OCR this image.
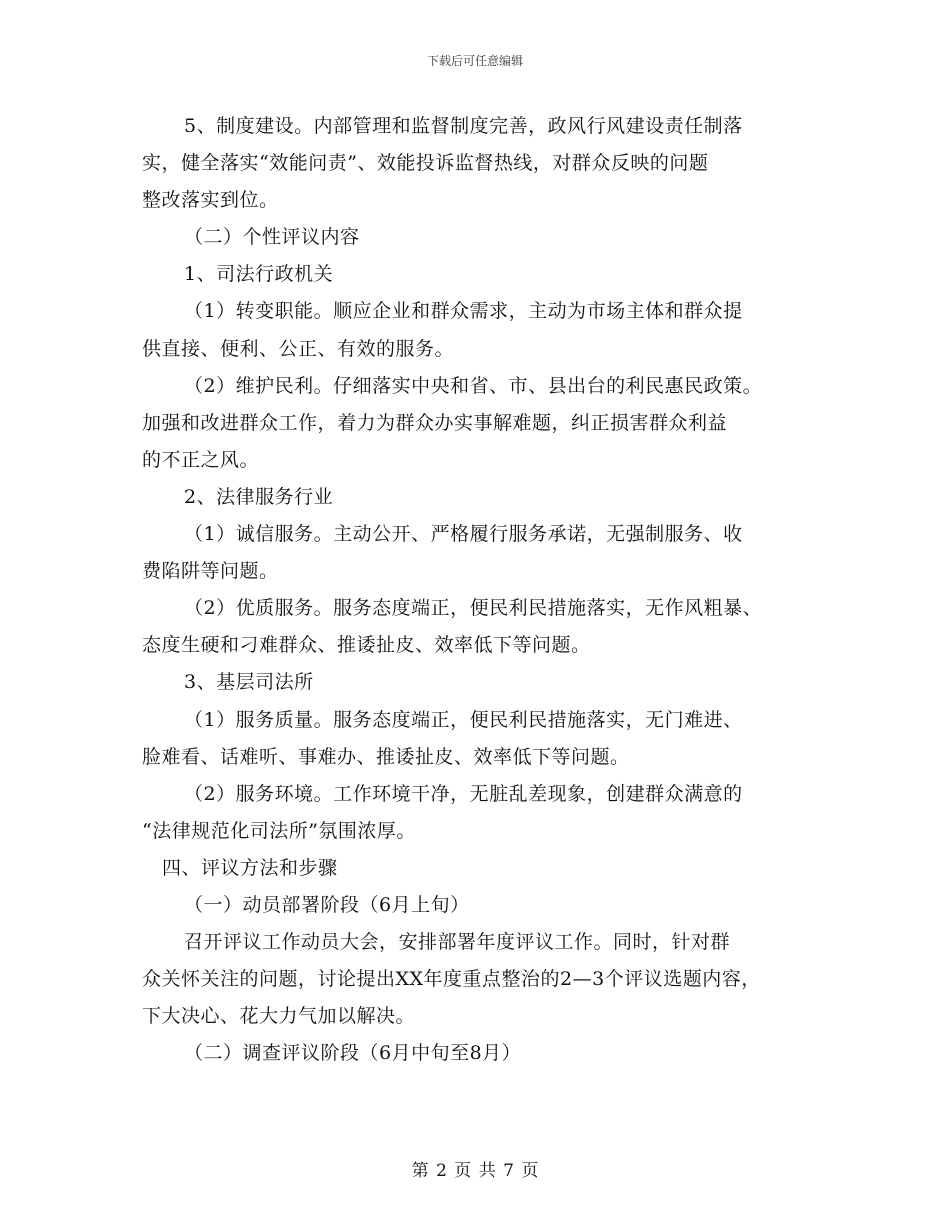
下载后可任意编辑
5、制度建设。内部管理和监督制度完善，政风行风建设责任制落
实，健全落实“效能问责”、效能投诉监督热线，对群众反映的问题
整改落实到位。
（二）个性评议内容
1、司法行政机关
（1）转变职能。顺应企业和群众需求，主动为市场主体和群众提
供直接、便利、公正、有效的服务。
（2）维护民利。仔细落实中央和省、市、县出台的利民惠民政策。
加强和改进群众工作，着力为群众办实事解难题，纠正损害群众利益
的不正之风。
2、法律服务行业
（1）诚信服务。主动公开、严格履行服务承诺，无强制服务、收
费陷阱等问题。
（2）优质服务。服务态度端正，便民利民措施落实，无作风粗暴、
态度生硬和刁难群众、推诿扯皮、效率低下等问题。
3、基层司法所
（1）服务质量。服务态度端正，便民利民措施落实，无门难进、
脸难看、话难听、事难办、推诿扯皮、效率低下等问题。
（2）服务环境。工作环境干净，无脏乱差现象，创建群众满意的
“法律规范化司法所”氛围浓厚。
四、评议方法和步骤
（一）动员部署阶段（6月上旬）
召开评议工作动员大会，安排部署年度评议工作。同时，针对群
众关怀关注的问题，讨论提出XX年度重点整治的2—3个评议选题内容，
下大决心、花大力气加以解决。
（二）调查评议阶段（6月中旬至8月）
第 2 页 共 7 页
